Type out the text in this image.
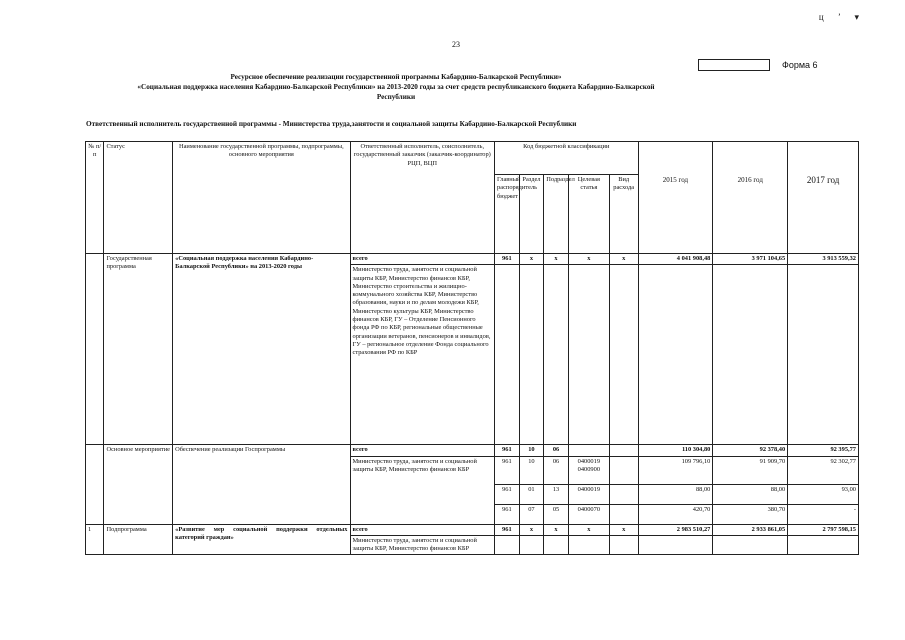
ц ’ ▾
23
Форма 6
Ресурсное обеспечение реализации государственной программы Кабардино-Балкарской Республики»
«Социальная поддержка населения Кабардино-Балкарской Республики» на 2013-2020 годы за счет средств республиканского бюджета Кабардино-Балкарской
Республики
Ответственный исполнитель государственной программы - Министерства труда,занятости и социальной защиты Кабардино-Балкарской Республики
№ п/п	Статус	Наименование государственной программы, подпрограммы, основного мероприятия	Ответственный исполнитель, соисполнитель, государственный заказчик (заказчик-координатор) РЦП, ВЦП	Код бюджетной классификации							
				Главный распорядитель бюджет	Раздел	Подраздел	Целевая статья	Вид расхода	2015 год	2016 год	2017 год
	Государственная программа	«Социальная поддержка населения Кабардино-Балкарской Республики» на 2013-2020 годы	всего	961	x	x	x	x	4 041 908,48	3 971 104,65	3 913 559,32
			Министерство труда, занятости и социальной защиты КБР, Министерство финансов КБР, Министерство строительства и жилищно-коммунального хозяйства КБР, Министерство образования, науки и по делам молодежи КБР, Министерство культуры КБР, Министерство финансов КБР, ГУ – Отделение Пенсионного фонда РФ по КБР, региональные общественные организации ветеранов, пенсионеров и инвалидов, ГУ – региональное отделение Фонда социального страхования РФ по КБР								
	Основное мероприятие	Обеспечение реализации Госпрограммы	всего	961	10	06			110 304,80	92 378,40	92 395,77
			Министерство труда, занятости и социальной защиты КБР, Министерство финансов КБР	961	10	06	0400019 0400900		109 796,10	91 909,70	92 302,77
				961	01	13	0400019		88,00	88,00	93,00
				961	07	05	0400070		420,70	380,70	-
1	Подпрограмма	«Развитие мер социальной поддержки отдельных категорий граждан»	всего	961	x	x	x	x	2 983 510,27	2 933 861,05	2 797 598,15
			Министерство труда, занятости и социальной защиты КБР, Министерство финансов КБР								
